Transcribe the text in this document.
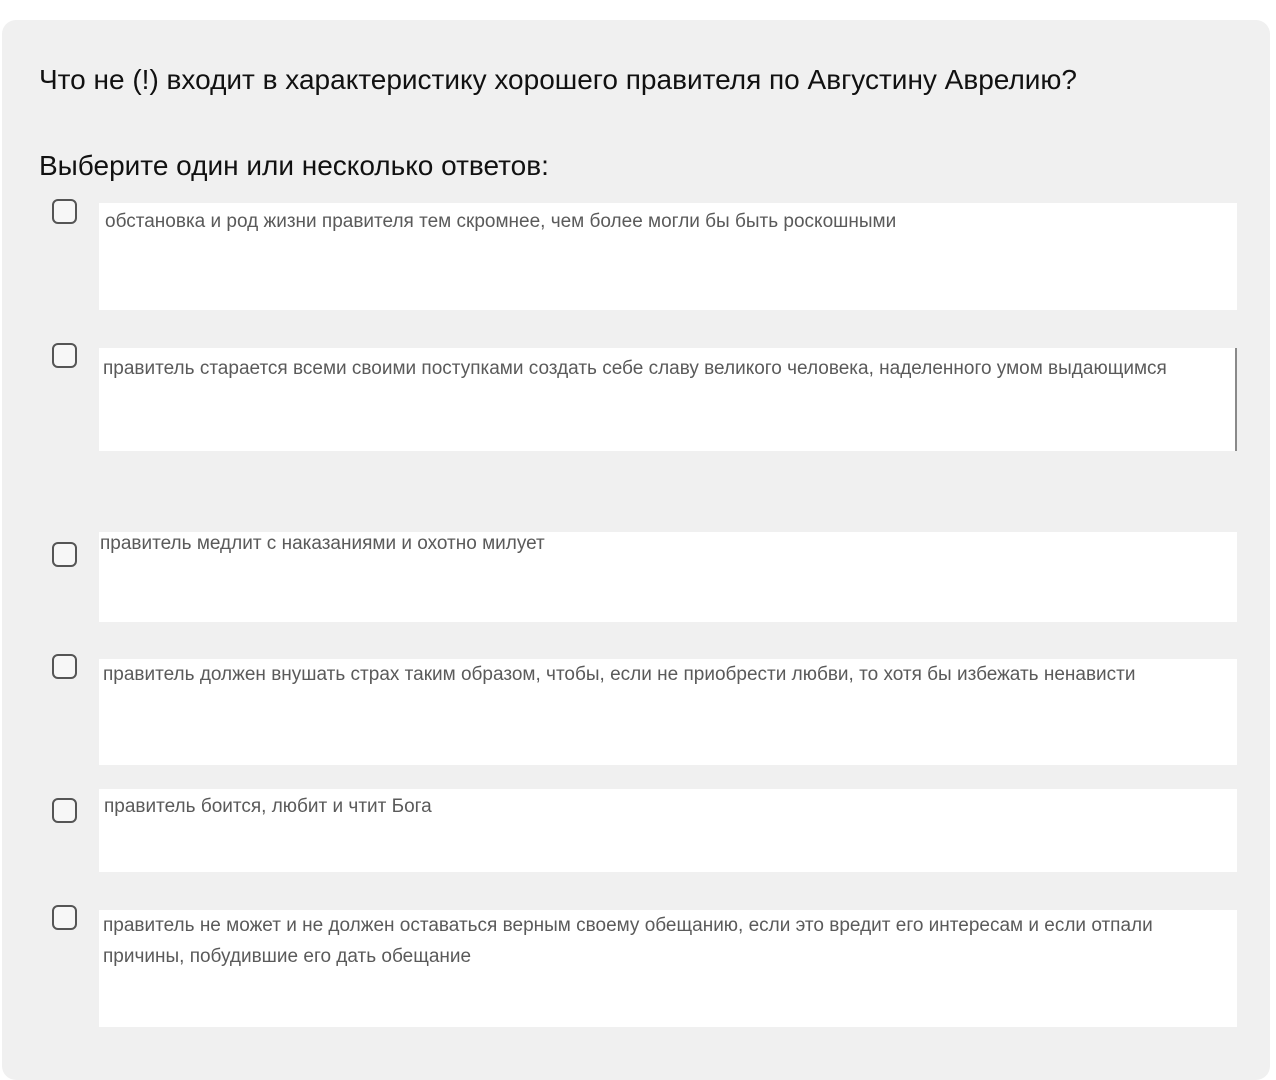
Что не (!) входит в характеристику хорошего правителя по Августину Аврелию?

Выберите один или несколько ответов:

обстановка и род жизни правителя тем скромнее, чем более могли бы быть роскошными
правитель старается всеми своими поступками создать себе славу великого человека, наделенного умом выдающимся
правитель медлит с наказаниями и охотно милует
правитель должен внушать страх таким образом, чтобы, если не приобрести любви, то хотя бы избежать ненависти
правитель боится, любит и чтит Бога
правитель не может и не должен оставаться верным своему обещанию, если это вредит его интересам и если отпали причины, побудившие его дать обещание
